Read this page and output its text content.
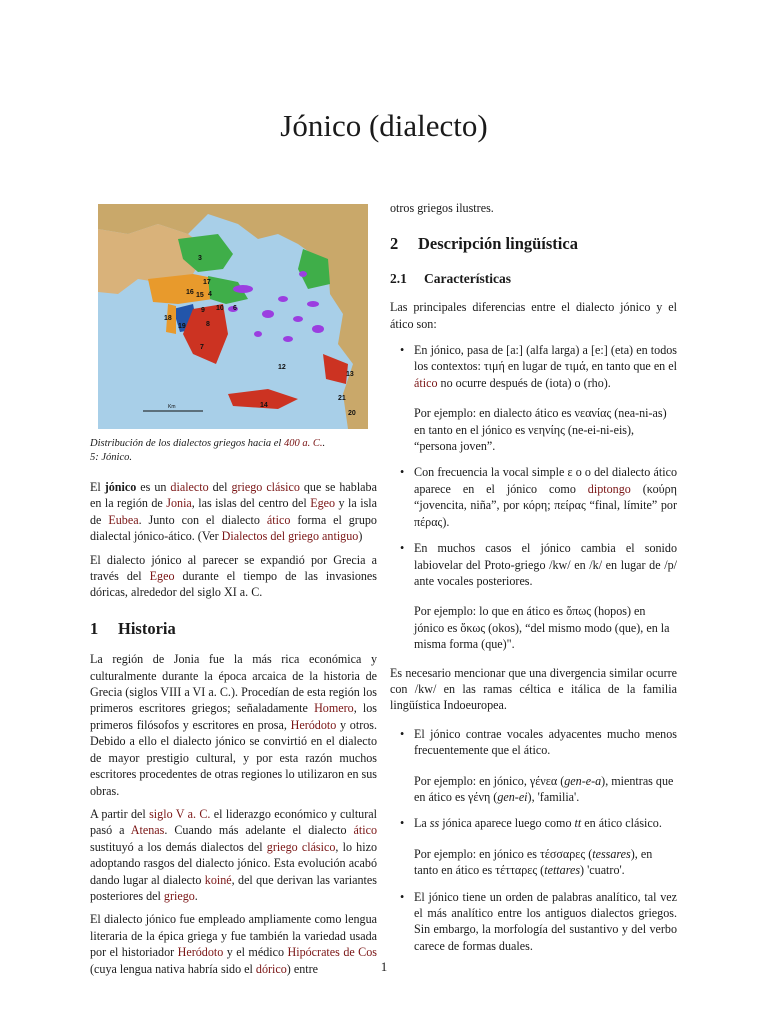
Jónico (dialecto)
3
17
16 15 4
10
9
18
19
6
8
7
12
13
14
21
20
Km

Distribución de los dialectos griegos hacia el 400 a. C..
5: Jónico.

El jónico es un dialecto del griego clásico que se hablaba en la región de Jonia, las islas del centro del Egeo y la isla de Eubea. Junto con el dialecto ático forma el grupo dialectal jónico-ático. (Ver Dialectos del griego antiguo)

El dialecto jónico al parecer se expandió por Grecia a través del Egeo durante el tiempo de las invasiones dóricas, alrededor del siglo XI a. C.

1 Historia

La región de Jonia fue la más rica económica y culturalmente durante la época arcaica de la historia de Grecia (siglos VIII a VI a. C.). Procedían de esta región los primeros escritores griegos; señaladamente Homero, los primeros filósofos y escritores en prosa, Heródoto y otros. Debido a ello el dialecto jónico se convirtió en el dialecto de mayor prestigio cultural, y por esta razón muchos escritores procedentes de otras regiones lo utilizaron en sus obras.

A partir del siglo V a. C. el liderazgo económico y cultural pasó a Atenas. Cuando más adelante el dialecto ático sustituyó a los demás dialectos del griego clásico, lo hizo adoptando rasgos del dialecto jónico. Esta evolución acabó dando lugar al dialecto koiné, del que derivan las variantes posteriores del griego.

El dialecto jónico fue empleado ampliamente como lengua literaria de la épica griega y fue también la variedad usada por el historiador Heródoto y el médico Hipócrates de Cos (cuya lengua nativa habría sido el dórico) entre

otros griegos ilustres.

2 Descripción lingüística
2.1 Características

Las principales diferencias entre el dialecto jónico y el ático son:

• En jónico, pasa de [a:] (alfa larga) a [e:] (eta) en todos los contextos: τιμή en lugar de τιμά, en tanto que en el ático no ocurre después de (iota) o (rho).
Por ejemplo: en dialecto ático es νεανίας (nea-ni-as) en tanto en el jónico es νεηνίης (ne-ei-ni-eis), “persona joven”.
• Con frecuencia la vocal simple ε o ο del dialecto ático aparece en el jónico como diptongo (κούρη “jovencita, niña”, por κόρη; πείρας “final, límite” por πέρας).
• En muchos casos el jónico cambia el sonido labiovelar del Proto-griego /kw/ en /k/ en lugar de /p/ ante vocales posteriores.
Por ejemplo: lo que en ático es ὅπως (hopos) en jónico es ὅκως (okos), “del mismo modo (que), en la misma forma (que)".

Es necesario mencionar que una divergencia similar ocurre con /kw/ en las ramas céltica e itálica de la familia lingüística Indoeuropea.

• El jónico contrae vocales adyacentes mucho menos frecuentemente que el ático.
Por ejemplo: en jónico, γένεα (gen-e-a), mientras que en ático es γένη (gen-ei), 'familia'.
• La ss jónica aparece luego como tt en ático clásico.
Por ejemplo: en jónico es τέσσαρες (tessares), en tanto en ático es τέτταρες (tettares) 'cuatro'.
• El jónico tiene un orden de palabras analítico, tal vez el más analítico entre los antiguos dialectos griegos. Sin embargo, la morfología del sustantivo y del verbo carece de formas duales.
1
